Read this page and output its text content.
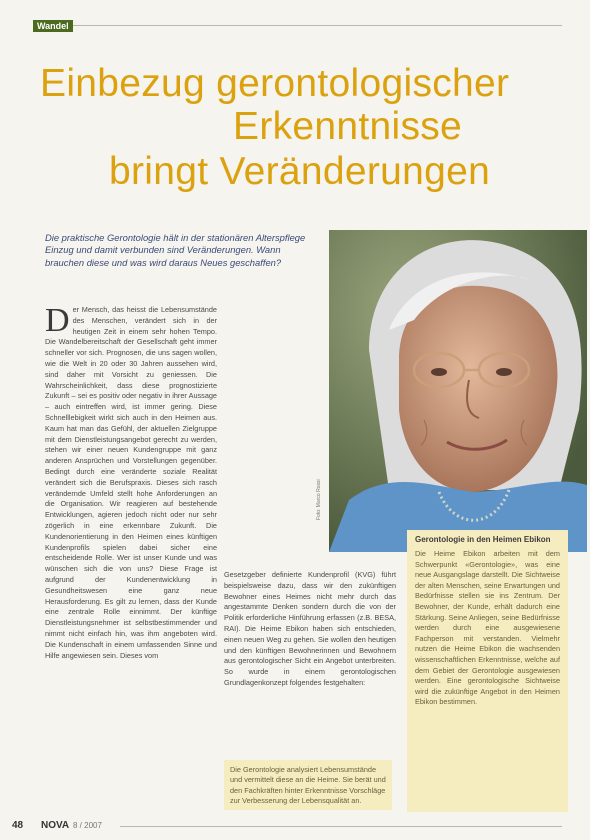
Wandel
Einbezug gerontologischer
Erkenntnisse
bringt Veränderungen
Die praktische Gerontologie hält in der stationären Alterspflege Einzug und damit verbunden sind Veränderungen. Wann brauchen diese und was wird daraus Neues geschaffen?
D er Mensch, das heisst die Lebensumstände des Menschen, verändert sich in der heutigen Zeit in einem sehr hohen Tempo. Die Wandelbereitschaft der Gesellschaft geht immer schneller vor sich. Prognosen, die uns sagen wollen, wie die Welt in 20 oder 30 Jahren aussehen wird, sind daher mit Vorsicht zu geniessen. Die Wahrscheinlichkeit, dass diese prognostizierte Zukunft – sei es positiv oder negativ in ihrer Aussage – auch eintreffen wird, ist immer gering. Diese Schnelllebigkeit wirkt sich auch in den Heimen aus. Kaum hat man das Gefühl, der aktuellen Zielgruppe mit dem Dienstleistungsangebot gerecht zu werden, stehen wir einer neuen Kundengruppe mit ganz anderen Ansprüchen und Vorstellungen gegenüber. Bedingt durch eine veränderte soziale Realität verändert sich die Berufspraxis. Dieses sich rasch verändernde Umfeld stellt hohe Anforderungen an die Organisation. Wir reagieren auf bestehende Entwicklungen, agieren jedoch nicht oder nur sehr zögerlich in eine erkennbare Zukunft. Die Kundenorientierung in den Heimen eines künftigen Kundenprofils spielen dabei sicher eine entscheidende Rolle. Wer ist unser Kunde und was wünschen sich die von uns? Diese Frage ist aufgrund der Kundenentwicklung in Gesundheitswesen eine ganz neue Herausforderung. Es gilt zu lernen, dass der Kunde eine zentrale Rolle einnimmt. Der künftige Dienstleistungsnehmer ist selbstbestimmender und nimmt nicht einfach hin, was ihm angeboten wird. Die Kundenschaft in einem umfassenden Sinne und Hilfe angewiesen sein. Dieses vom
Gesetzgeber definierte Kundenprofil (KVG) führt beispielsweise dazu, dass wir den zukünftigen Bewohner eines Heimes nicht mehr durch das angestammte Denken sondern durch die von der Politik erforderliche Hinführung erfassen (z.B. BESA, RAI). Die Heime Ebikon haben sich entschieden, einen neuen Weg zu gehen. Sie wollen den heutigen und den künftigen Bewohnerinnen und Bewohnern aus gerontologischer Sicht ein Angebot unterbreiten. So wurde in einem gerontologischen Grundlagenkonzept folgendes festgehalten:
Foto: Marco Rossi
Gerontologie in den Heimen Ebikon
Die Heime Ebikon arbeiten mit dem Schwerpunkt «Gerontologie», was eine neue Ausgangslage darstellt. Die Sichtweise der alten Menschen, seine Erwartungen und Bedürfnisse stellen sie ins Zentrum. Der Bewohner, der Kunde, erhält dadurch eine Stärkung. Seine Anliegen, seine Bedürfnisse werden durch eine ausgewiesene Fachperson mit verstanden. Vielmehr nutzen die Heime Ebikon die wachsenden wissenschaftlichen Erkenntnisse, welche auf dem Gebiet der Gerontologie ausgewiesen werden. Eine gerontologische Sichtweise wird die zukünftige Angebot in den Heimen Ebikon bestimmen.
Die Gerontologie analysiert Lebensumstände und vermittelt diese an die Heime. Sie berät und den Fachkräften hinter Erkenntnisse Vorschläge zur Verbesserung der Lebensqualität an.
48 NOVA 8 / 2007
